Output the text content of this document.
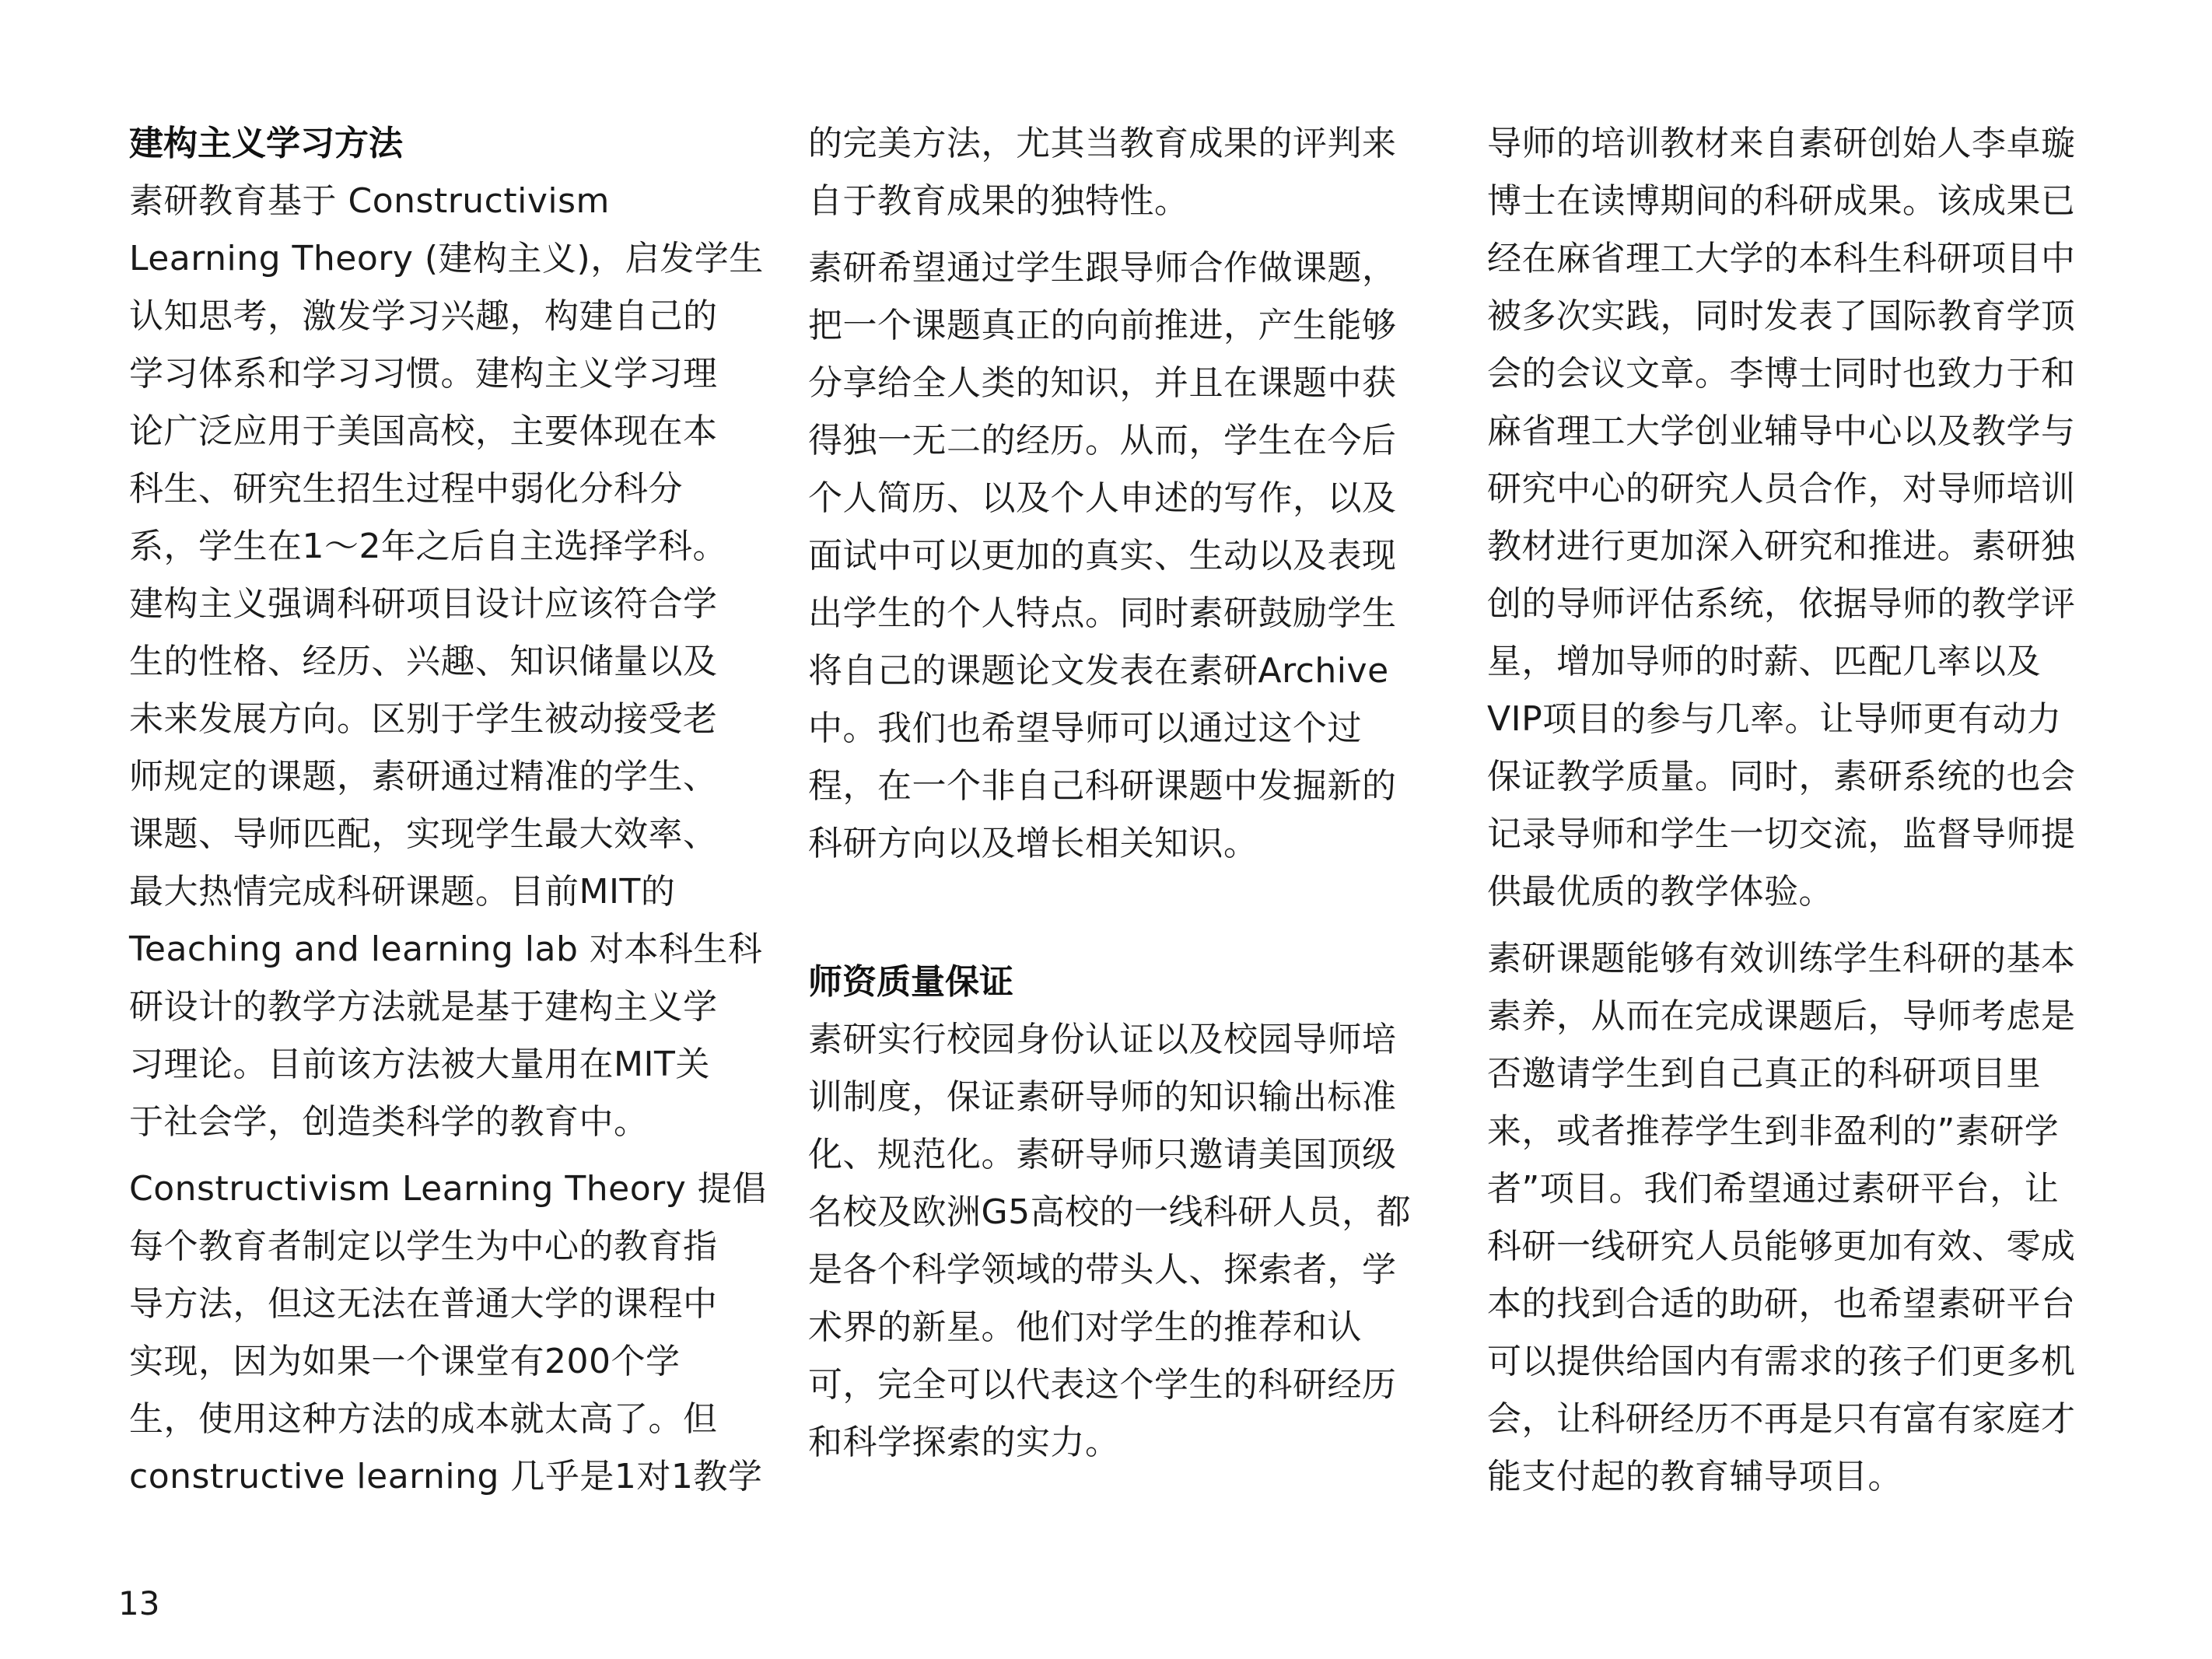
建构主义学习方法
素研教育基于 Constructivism
Learning Theory (建构主义)，启发学生
认知思考，激发学习兴趣，构建自己的
学习体系和学习习惯。建构主义学习理
论广泛应用于美国高校，主要体现在本
科生、研究生招生过程中弱化分科分
系，学生在1～2年之后自主选择学科。
建构主义强调科研项目设计应该符合学
生的性格、经历、兴趣、知识储量以及
未来发展方向。区别于学生被动接受老
师规定的课题，素研通过精准的学生、
课题、导师匹配，实现学生最大效率、
最大热情完成科研课题。目前MIT的
Teaching and learning lab 对本科生科
研设计的教学方法就是基于建构主义学
习理论。目前该方法被大量用在MIT关
于社会学，创造类科学的教育中。
Constructivism Learning Theory 提倡
每个教育者制定以学生为中心的教育指
导方法，但这无法在普通大学的课程中
实现，因为如果一个课堂有200个学
生，使用这种方法的成本就太高了。但
constructive learning 几乎是1对1教学
的完美方法，尤其当教育成果的评判来
自于教育成果的独特性。
素研希望通过学生跟导师合作做课题，
把一个课题真正的向前推进，产生能够
分享给全人类的知识，并且在课题中获
得独一无二的经历。从而，学生在今后
个人简历、以及个人申述的写作，以及
面试中可以更加的真实、生动以及表现
出学生的个人特点。同时素研鼓励学生
将自己的课题论文发表在素研Archive
中。我们也希望导师可以通过这个过
程，在一个非自己科研课题中发掘新的
科研方向以及增长相关知识。
师资质量保证
素研实行校园身份认证以及校园导师培
训制度，保证素研导师的知识输出标准
化、规范化。素研导师只邀请美国顶级
名校及欧洲G5高校的一线科研人员，都
是各个科学领域的带头人、探索者，学
术界的新星。他们对学生的推荐和认
可，完全可以代表这个学生的科研经历
和科学探索的实力。
导师的培训教材来自素研创始人李卓璇
博士在读博期间的科研成果。该成果已
经在麻省理工大学的本科生科研项目中
被多次实践，同时发表了国际教育学顶
会的会议文章。李博士同时也致力于和
麻省理工大学创业辅导中心以及教学与
研究中心的研究人员合作，对导师培训
教材进行更加深入研究和推进。素研独
创的导师评估系统，依据导师的教学评
星，增加导师的时薪、匹配几率以及
VIP项目的参与几率。让导师更有动力
保证教学质量。同时，素研系统的也会
记录导师和学生一切交流，监督导师提
供最优质的教学体验。
素研课题能够有效训练学生科研的基本
素养，从而在完成课题后，导师考虑是
否邀请学生到自己真正的科研项目里
来，或者推荐学生到非盈利的”素研学
者”项目。我们希望通过素研平台，让
科研一线研究人员能够更加有效、零成
本的找到合适的助研，也希望素研平台
可以提供给国内有需求的孩子们更多机
会，让科研经历不再是只有富有家庭才
能支付起的教育辅导项目。
13
